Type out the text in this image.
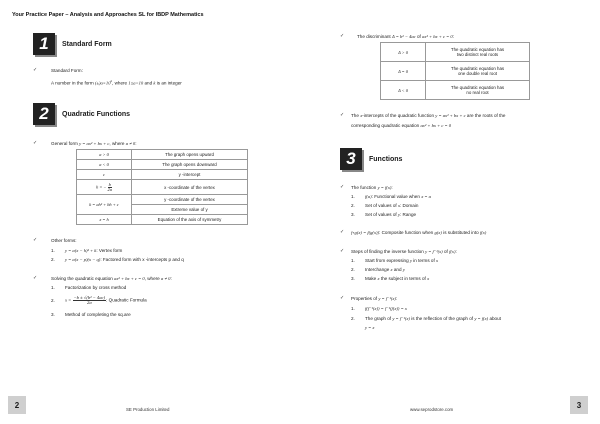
Your Practice Paper – Analysis and Approaches SL for IBDP Mathematics
1	Standard Form
✓	Standard Form:
A number in the form $(\pm)a\times 10^k$, where 1≤a<10 and k is an integer
2	Quadratic Functions
✓	General form y = ax² + bx + c, where a ≠ 0:
a > 0	The graph opens upward
a < 0	The graph opens downward
c	y -intercept
h = − $\frac{b}{2a}$	x -coordinate of the vertex
k = ah² + bh + c	y -coordinate of the vertex
	Extreme value of y
x = h	Equation of the axis of symmetry
✓	Other forms:
1. y = a(x − h)² + k: Vertex form
2. y = a(x − p)(x − q): Factored form with x -intercepts p and q
✓	Solving the quadratic equation ax² + bx + c = 0, where a ≠ 0:
1. Factorization by cross method
2. $x = \frac{\text{−b ± √(b² − 4ac)}}{2a}$ : Quadratic Formula
3. Method of completing the sq.are
✓	The discriminant Δ = b² − 4ac of ax² + bx + c = 0:
Δ > 0	The quadratic equation has
two distinct real roots
Δ = 0	The quadratic equation has
one double real root
Δ < 0	The quadratic equation has
no real root
✓ The x-intercepts of the quadratic function y = ax² + bx + c are the roots of the
corresponding quadratic equation ax² + bx + c = 0
3	Functions
✓ The function y = f(x):
1. f(a): Functional value when x = a
2. Set of values of x: Domain
3. Set of values of y: Range
✓ f∘g(x) = f(g(x)): Composite function when g(x) is substituted into f(x)
✓ Steps of finding the inverse function y = f⁻¹(x) of f(x):
1. Start from expressing y in terms of x
2. Interchange x and y
3. Make x the subject in terms of x
✓ Properties of y = f⁻¹(x):
1. f(f⁻¹(x)) = f⁻¹(f(x)) = x
2. The graph of y = f⁻¹(x) is the reflection of the graph of y = f(x) about
y = x
2	SE Production Limited	www.seprodstore.com	3
